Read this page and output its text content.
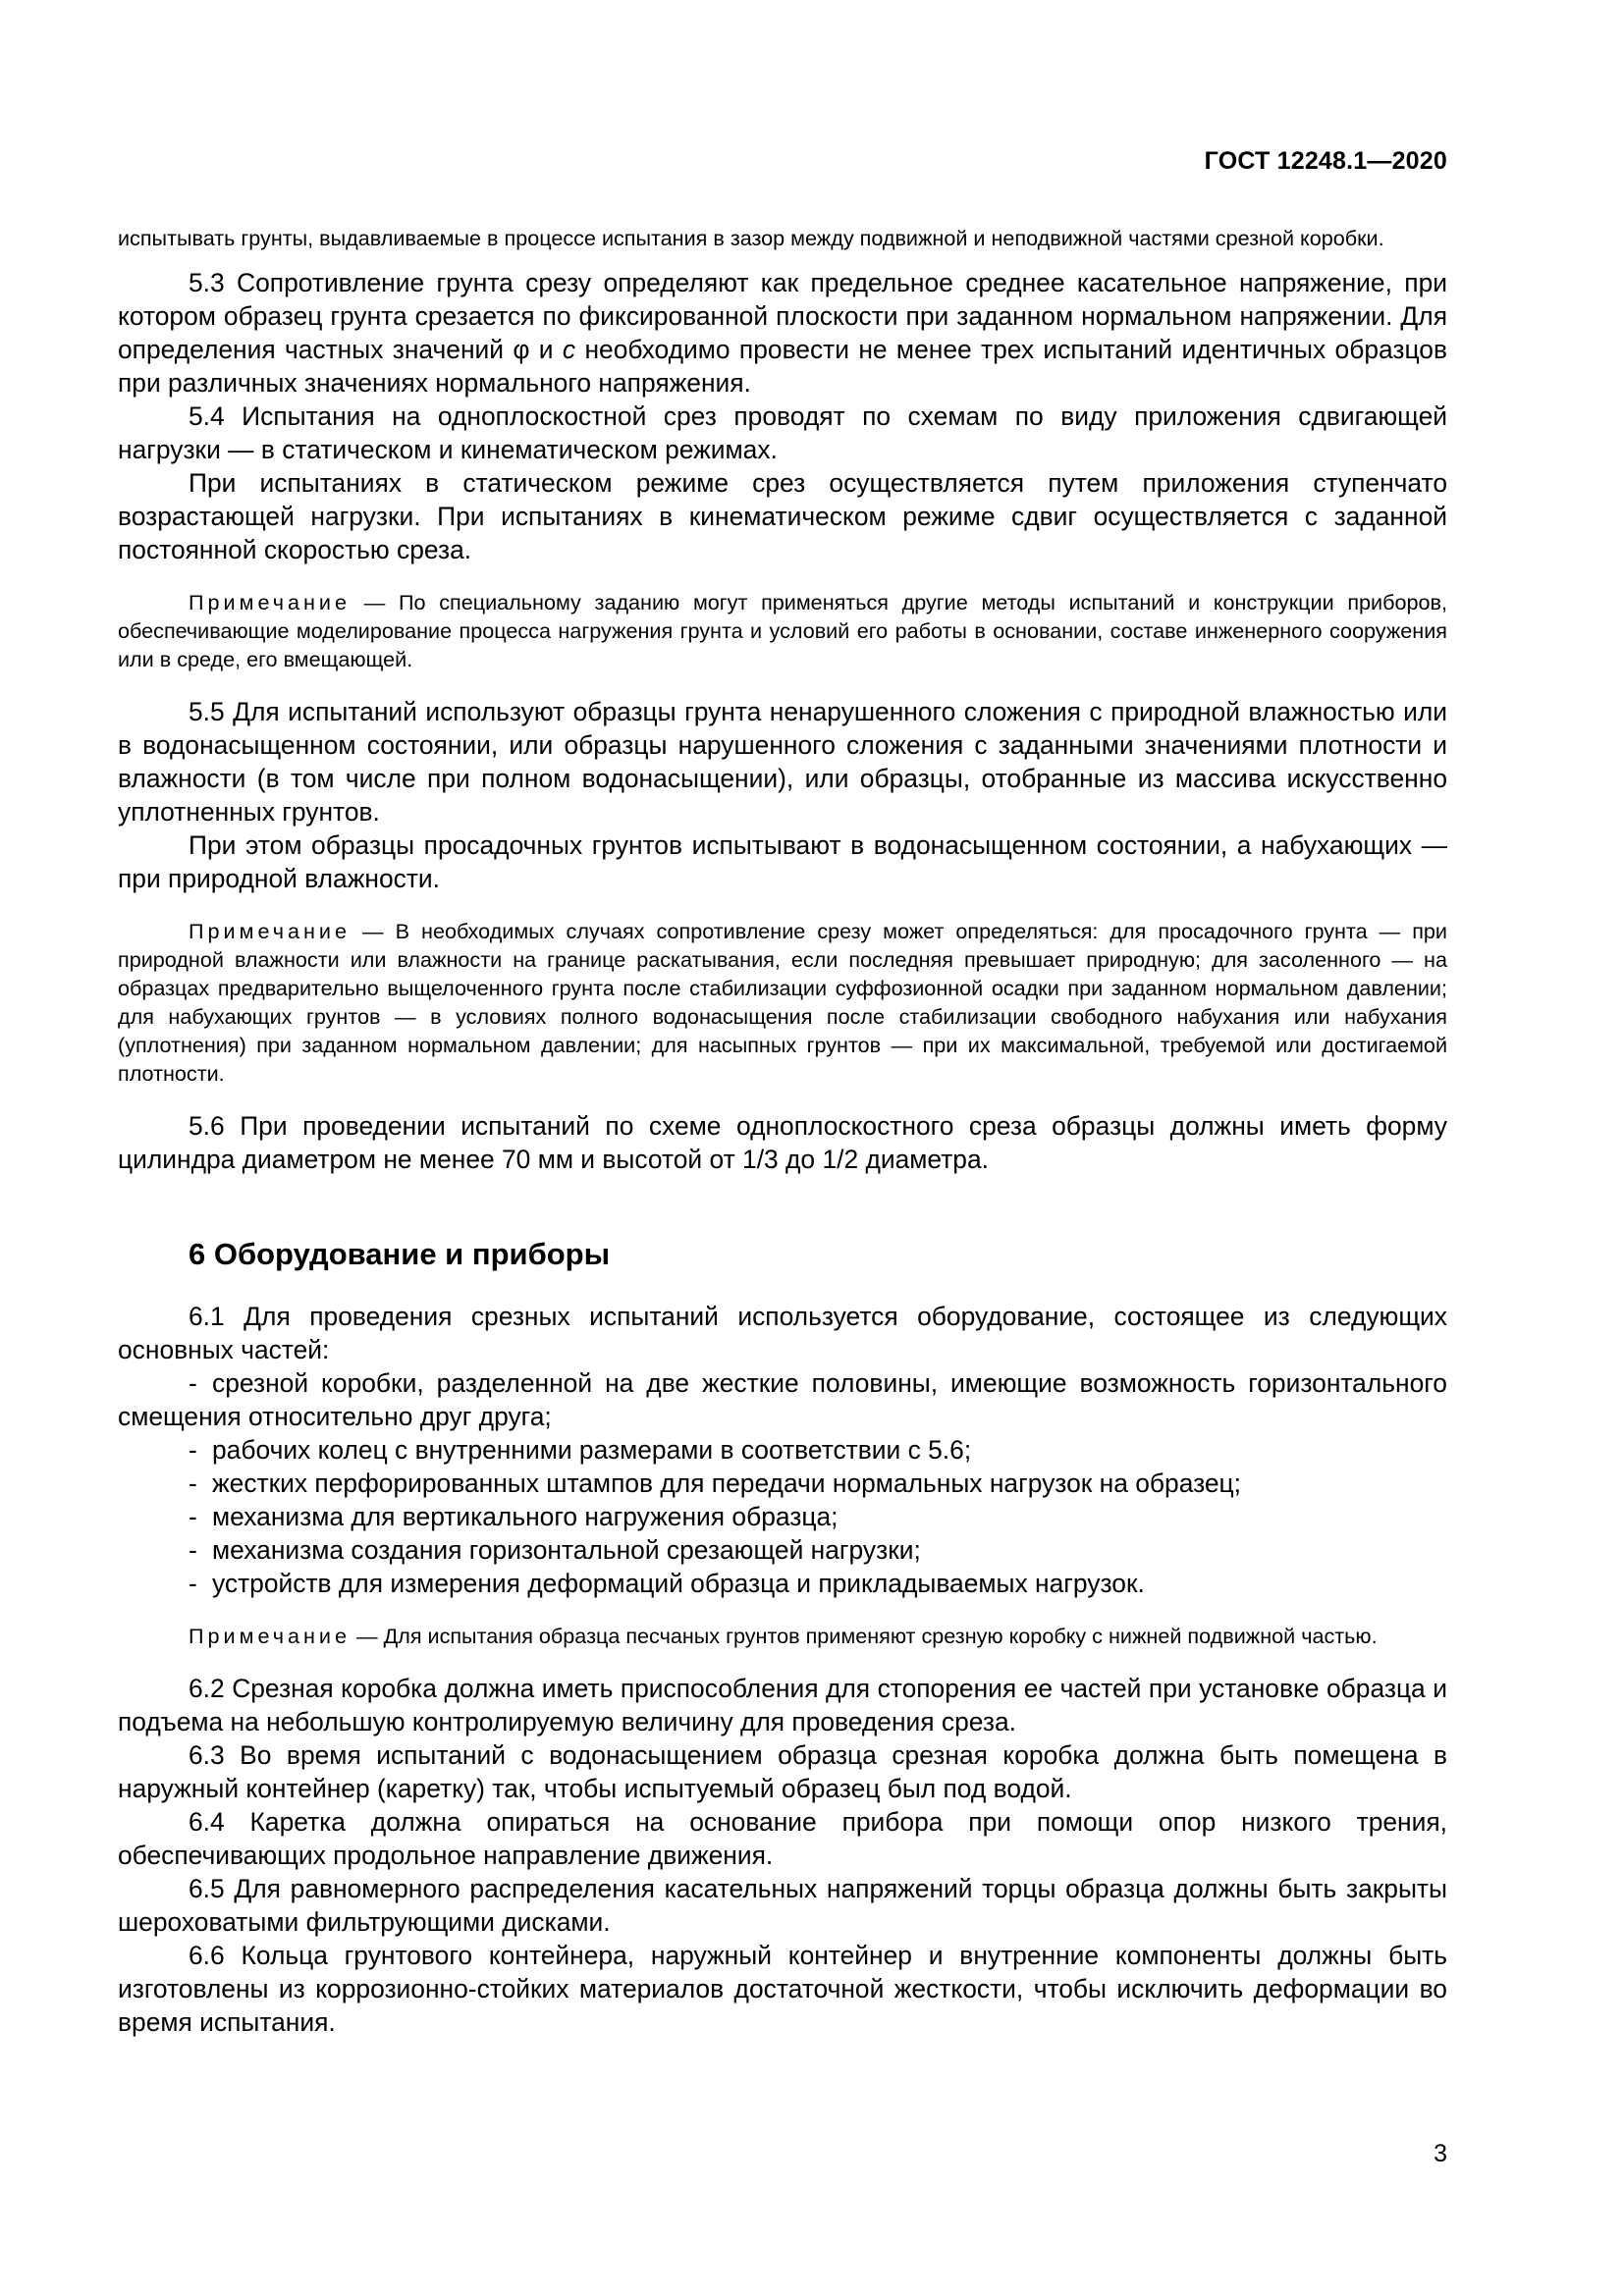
ГОСТ 12248.1—2020

испытывать грунты, выдавливаемые в процессе испытания в зазор между подвижной и неподвижной частями срезной коробки.

5.3 Сопротивление грунта срезу определяют как предельное среднее касательное напряжение, при котором образец грунта срезается по фиксированной плоскости при заданном нормальном напряжении. Для определения частных значений φ и c необходимо провести не менее трех испытаний идентичных образцов при различных значениях нормального напряжения.

5.4 Испытания на одноплоскостной срез проводят по схемам по виду приложения сдвигающей нагрузки — в статическом и кинематическом режимах.

При испытаниях в статическом режиме срез осуществляется путем приложения ступенчато возрастающей нагрузки. При испытаниях в кинематическом режиме сдвиг осуществляется с заданной постоянной скоростью среза.

Примечание — По специальному заданию могут применяться другие методы испытаний и конструкции приборов, обеспечивающие моделирование процесса нагружения грунта и условий его работы в основании, составе инженерного сооружения или в среде, его вмещающей.

5.5 Для испытаний используют образцы грунта ненарушенного сложения с природной влажностью или в водонасыщенном состоянии, или образцы нарушенного сложения с заданными значениями плотности и влажности (в том числе при полном водонасыщении), или образцы, отобранные из массива искусственно уплотненных грунтов.

При этом образцы просадочных грунтов испытывают в водонасыщенном состоянии, а набухающих — при природной влажности.

Примечание — В необходимых случаях сопротивление срезу может определяться: для просадочного грунта — при природной влажности или влажности на границе раскатывания, если последняя превышает природную; для засоленного — на образцах предварительно выщелоченного грунта после стабилизации суффозионной осадки при заданном нормальном давлении; для набухающих грунтов — в условиях полного водонасыщения после стабилизации свободного набухания или набухания (уплотнения) при заданном нормальном давлении; для насыпных грунтов — при их максимальной, требуемой или достигаемой плотности.

5.6 При проведении испытаний по схеме одноплоскостного среза образцы должны иметь форму цилиндра диаметром не менее 70 мм и высотой от 1/3 до 1/2 диаметра.

6 Оборудование и приборы

6.1 Для проведения срезных испытаний используется оборудование, состоящее из следующих основных частей:

- срезной коробки, разделенной на две жесткие половины, имеющие возможность горизонтального смещения относительно друг друга;
- рабочих колец с внутренними размерами в соответствии с 5.6;
- жестких перфорированных штампов для передачи нормальных нагрузок на образец;
- механизма для вертикального нагружения образца;
- механизма создания горизонтальной срезающей нагрузки;
- устройств для измерения деформаций образца и прикладываемых нагрузок.

Примечание — Для испытания образца песчаных грунтов применяют срезную коробку с нижней подвижной частью.

6.2 Срезная коробка должна иметь приспособления для стопорения ее частей при установке образца и подъема на небольшую контролируемую величину для проведения среза.

6.3 Во время испытаний с водонасыщением образца срезная коробка должна быть помещена в наружный контейнер (каретку) так, чтобы испытуемый образец был под водой.

6.4 Каретка должна опираться на основание прибора при помощи опор низкого трения, обеспечивающих продольное направление движения.

6.5 Для равномерного распределения касательных напряжений торцы образца должны быть закрыты шероховатыми фильтрующими дисками.

6.6 Кольца грунтового контейнера, наружный контейнер и внутренние компоненты должны быть изготовлены из коррозионно-стойких материалов достаточной жесткости, чтобы исключить деформации во время испытания.

3
